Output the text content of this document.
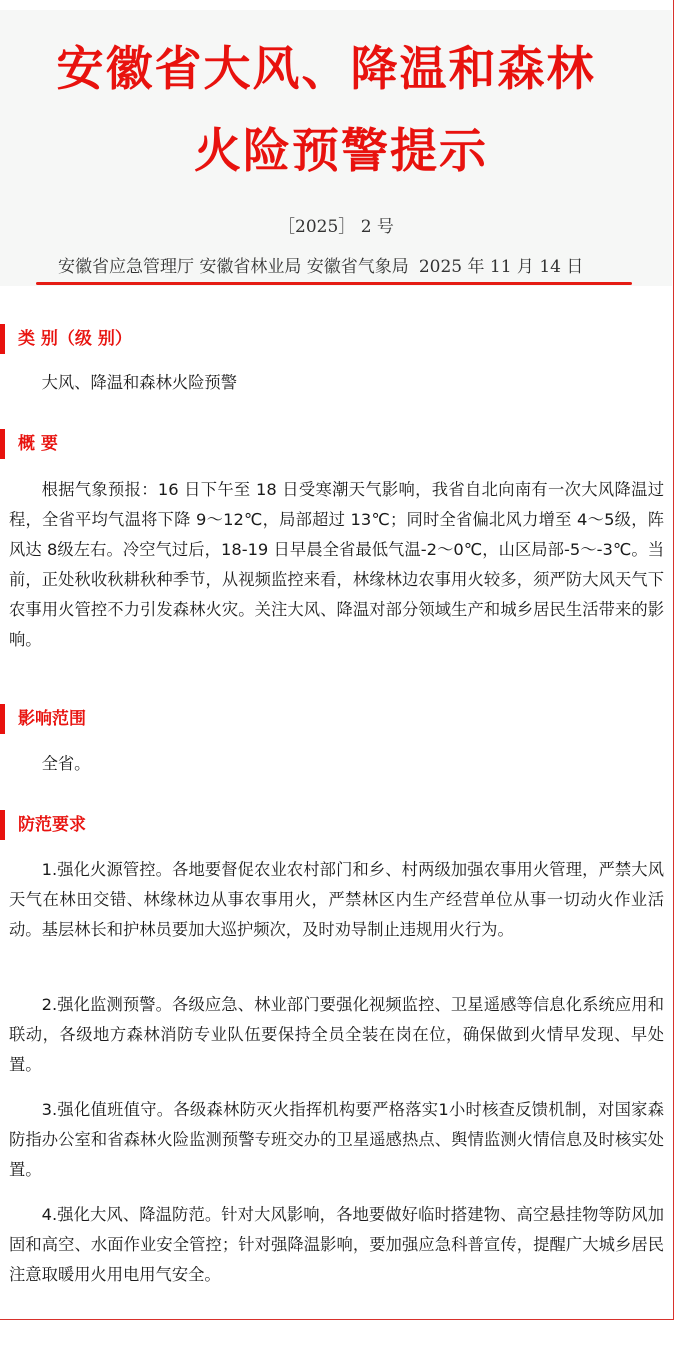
安徽省大风、降温和森林
火险预警提示
［2025］ 2 号
安徽省应急管理厅 安徽省林业局 安徽省气象局 2025 年 11 月 14 日
类 别（级 别）

大风、降温和森林火险预警

概 要

根据气象预报：16 日下午至 18 日受寒潮天气影响，我省自北向南有一次大风降温过程，全省平均气温将下降 9～12℃，局部超过 13℃；同时全省偏北风力增至 4～5级，阵风达 8级左右。冷空气过后，18-19 日早晨全省最低气温-2～0℃，山区局部-5～-3℃。当前，正处秋收秋耕秋种季节，从视频监控来看，林缘林边农事用火较多，须严防大风天气下农事用火管控不力引发森林火灾。关注大风、降温对部分领域生产和城乡居民生活带来的影响。

影响范围

全省。

防范要求

1.强化火源管控。各地要督促农业农村部门和乡、村两级加强农事用火管理，严禁大风天气在林田交错、林缘林边从事农事用火，严禁林区内生产经营单位从事一切动火作业活动。基层林长和护林员要加大巡护频次，及时劝导制止违规用火行为。

2.强化监测预警。各级应急、林业部门要强化视频监控、卫星遥感等信息化系统应用和联动，各级地方森林消防专业队伍要保持全员全装在岗在位，确保做到火情早发现、早处置。

3.强化值班值守。各级森林防灭火指挥机构要严格落实1小时核查反馈机制，对国家森防指办公室和省森林火险监测预警专班交办的卫星遥感热点、舆情监测火情信息及时核实处置。

4.强化大风、降温防范。针对大风影响，各地要做好临时搭建物、高空悬挂物等防风加固和高空、水面作业安全管控；针对强降温影响，要加强应急科普宣传，提醒广大城乡居民注意取暖用火用电用气安全。
